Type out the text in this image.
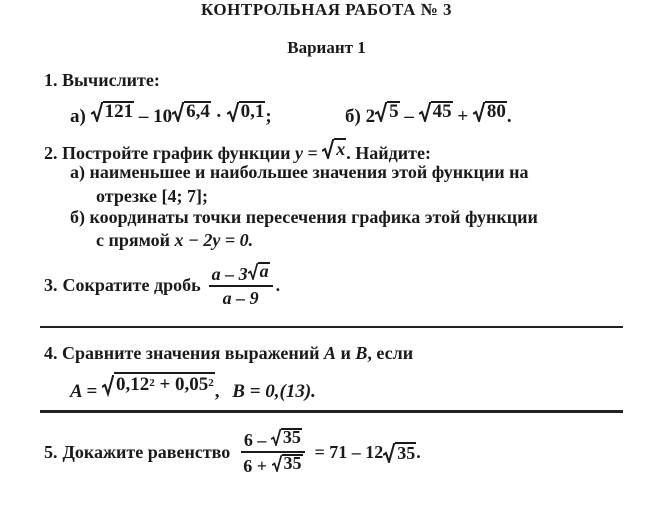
КОНТРОЛЬНАЯ РАБОТА № 3
Вариант 1
1. Вычислите:
а) 121 – 10 6,4 · 0,1 ;	б) 2 5 – 45 + 80 .
2. Постройте график функции y = x . Найдите:
а) наименьшее и наибольшее значения этой функции на
отрезке [4; 7];
б) координаты точки пересечения графика этой функции
с прямой x − 2y = 0.
3. Сократите дробь $\frac{a - 3 a}{a - 9}$ .
4. Сравните значения выражений A и B, если
$A = 0,12^2 + 0,05^2$ , B = 0,(13).
5. Докажите равенство $\frac{6 - 35}{6 + 35} = 71 - 12$ 35 .
